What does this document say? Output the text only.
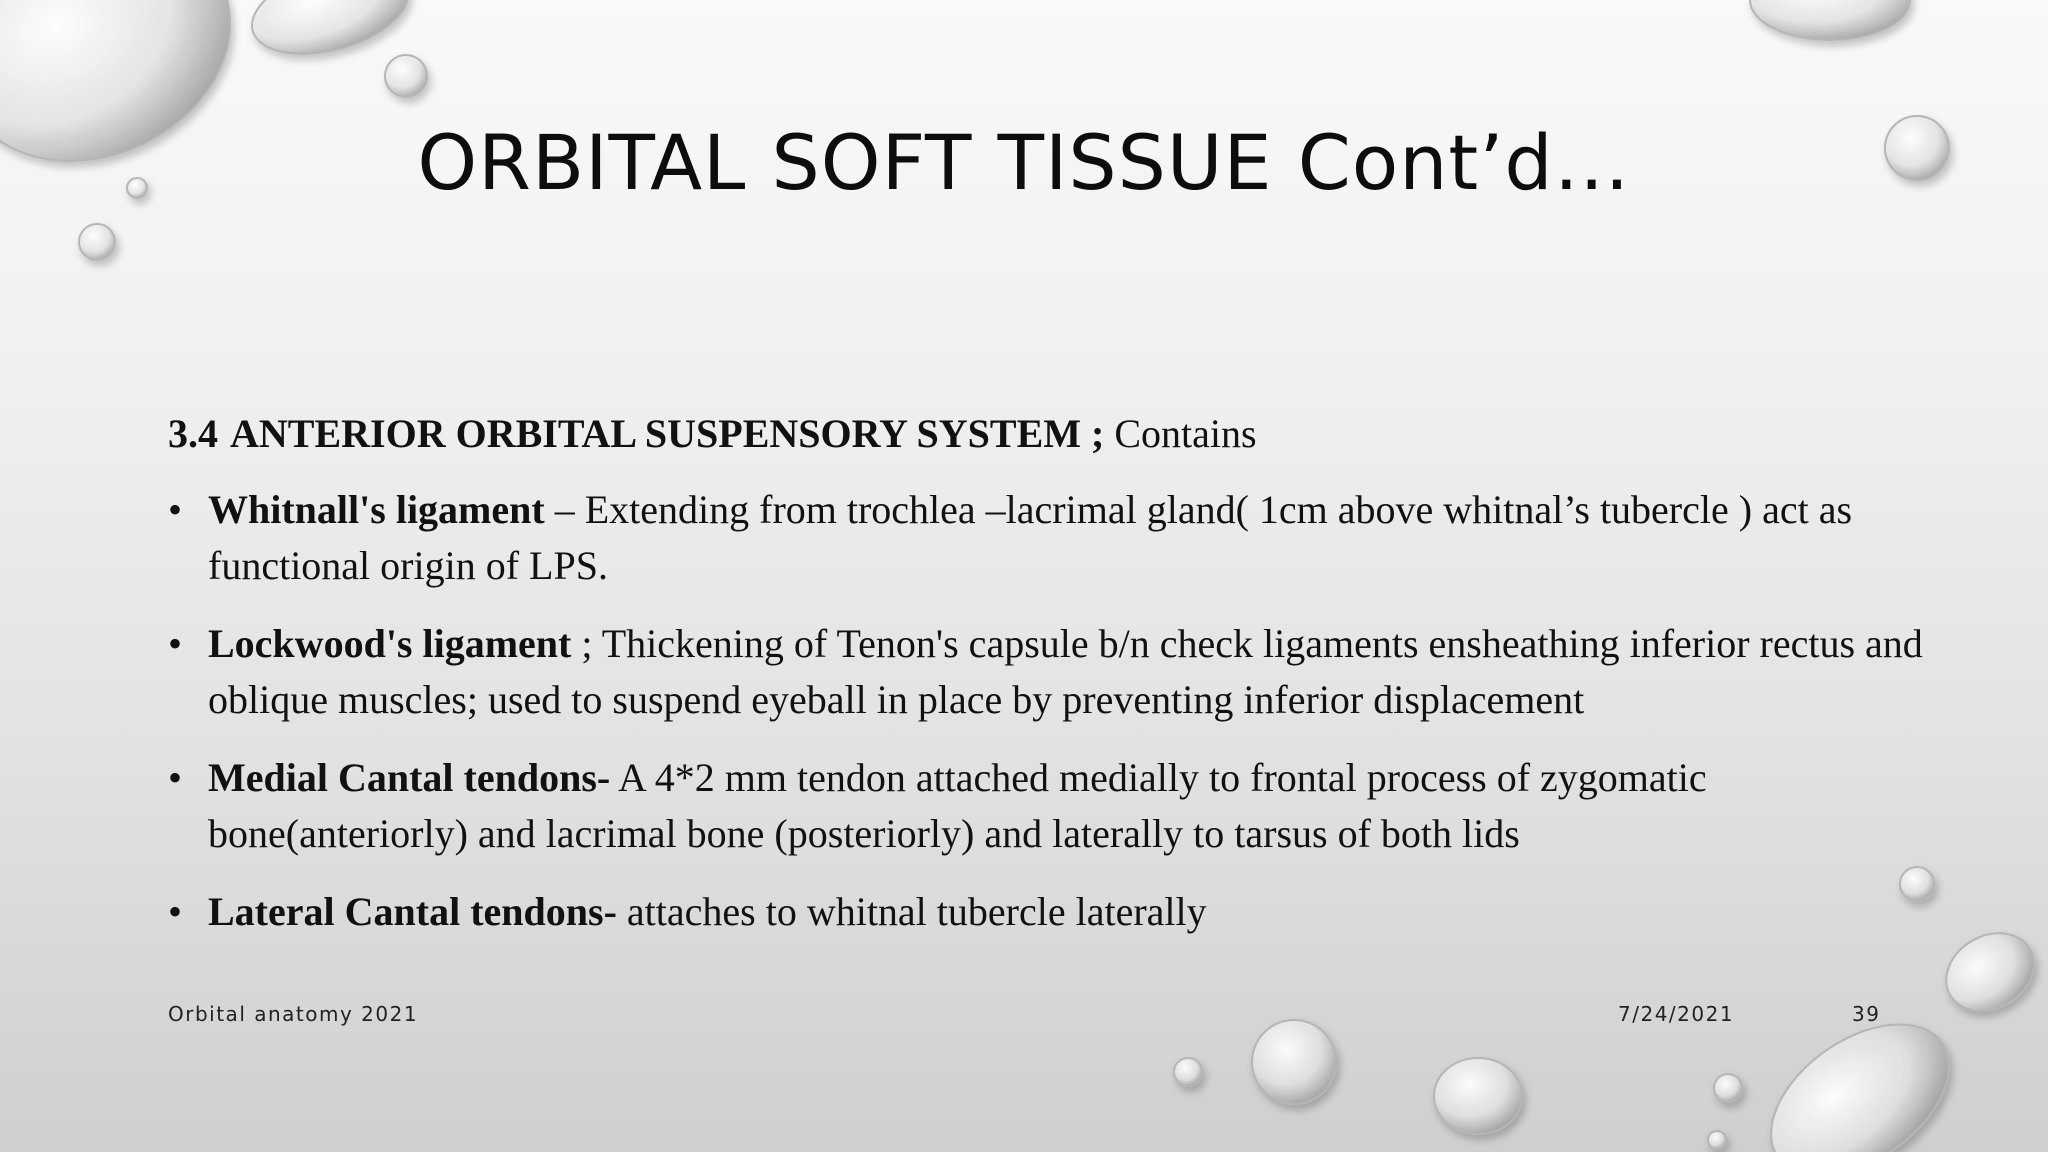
ORBITAL SOFT TISSUE Cont’d…

3.4 ANTERIOR ORBITAL SUSPENSORY SYSTEM ; Contains

• Whitnall's ligament – Extending from trochlea –lacrimal gland( 1cm above whitnal’s tubercle ) act as functional origin of LPS.
• Lockwood's ligament ; Thickening of Tenon's capsule b/n check ligaments ensheathing inferior rectus and oblique muscles; used to suspend eyeball in place by preventing inferior displacement
• Medial Cantal tendons- A 4*2 mm tendon attached medially to frontal process of zygomatic bone(anteriorly) and lacrimal bone (posteriorly) and laterally to tarsus of both lids
• Lateral Cantal tendons- attaches to whitnal tubercle laterally
Orbital anatomy 2021	7/24/2021	39
